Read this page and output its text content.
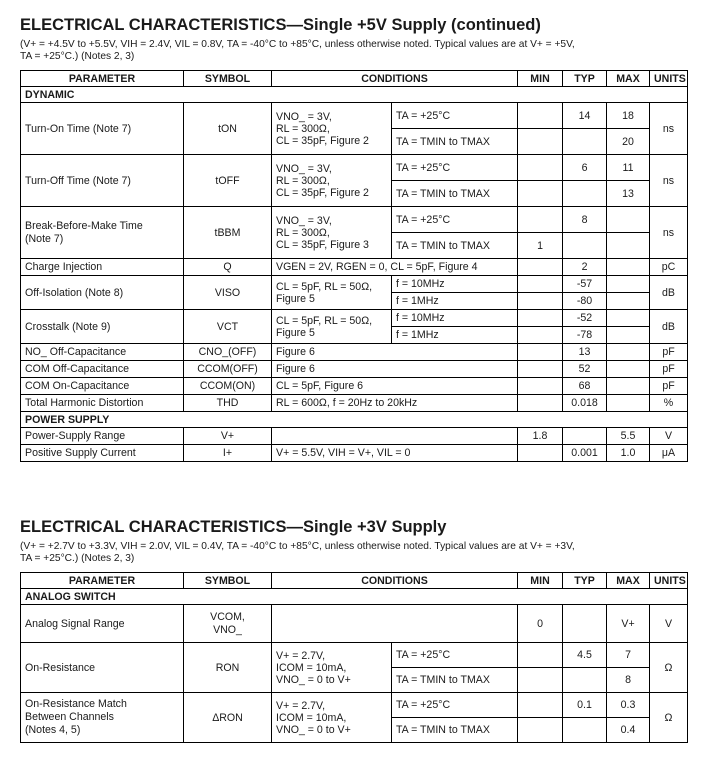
ELECTRICAL CHARACTERISTICS—Single +5V Supply (continued)

(V+ = +4.5V to +5.5V, VIH = 2.4V, VIL = 0.8V, TA = -40°C to +85°C, unless otherwise noted. Typical values are at V+ = +5V,
TA = +25°C.) (Notes 2, 3)

PARAMETER	SYMBOL	CONDITIONS		MIN	TYP	MAX	UNITS
DYNAMIC							
Turn-On Time (Note 7)	tON	VNO_ = 3V,
RL = 300Ω,
CL = 35pF, Figure 2	TA = +25°C		14	18	ns
			TA = TMIN to TMAX			20	
Turn-Off Time (Note 7)	tOFF	VNO_ = 3V,
RL = 300Ω,
CL = 35pF, Figure 2	TA = +25°C		6	11	ns
			TA = TMIN to TMAX			13	

Break-Before-Make Time
(Note 7)	tBBM	VNO_ = 3V,
RL = 300Ω,
CL = 35pF, Figure 3	TA = +25°C		8		ns
			TA = TMIN to TMAX	1			
Charge Injection	Q	VGEN = 2V, RGEN = 0, CL = 5pF, Figure 4			2		pC
Off-Isolation (Note 8)	VISO	CL = 5pF, RL = 50Ω,
Figure 5	f = 10MHz		-57		dB
			f = 1MHz		-80		
Crosstalk (Note 9)	VCT	CL = 5pF, RL = 50Ω,
Figure 5	f = 10MHz		-52		dB
			f = 1MHz		-78		
NO_ Off-Capacitance	CNO_(OFF)	Figure 6			13		pF
COM Off-Capacitance	CCOM(OFF)	Figure 6			52		pF
COM On-Capacitance	CCOM(ON)	CL = 5pF, Figure 6			68		pF
Total Harmonic Distortion	THD	RL = 600Ω, f = 20Hz to 20kHz			0.018		%
POWER SUPPLY							
Power-Supply Range	V+			1.8		5.5	V
Positive Supply Current	I+	V+ = 5.5V, VIH = V+, VIL = 0			0.001	1.0	μA
ELECTRICAL CHARACTERISTICS—Single +3V Supply

(V+ = +2.7V to +3.3V, VIH = 2.0V, VIL = 0.4V, TA = -40°C to +85°C, unless otherwise noted. Typical values are at V+ = +3V,
TA = +25°C.) (Notes 2, 3)

PARAMETER	SYMBOL	CONDITIONS		MIN	TYP	MAX	UNITS
ANALOG SWITCH							
Analog Signal Range	VCOM,
VNO_			0		V+	V
On-Resistance	RON	V+ = 2.7V,
ICOM = 10mA,
VNO_ = 0 to V+	TA = +25°C		4.5	7	Ω
			TA = TMIN to TMAX			8	

On-Resistance Match
Between Channels
(Notes 4, 5)	ΔRON	V+ = 2.7V,
ICOM = 10mA,
VNO_ = 0 to V+	TA = +25°C		0.1	0.3	Ω
			TA = TMIN to TMAX			0.4	
